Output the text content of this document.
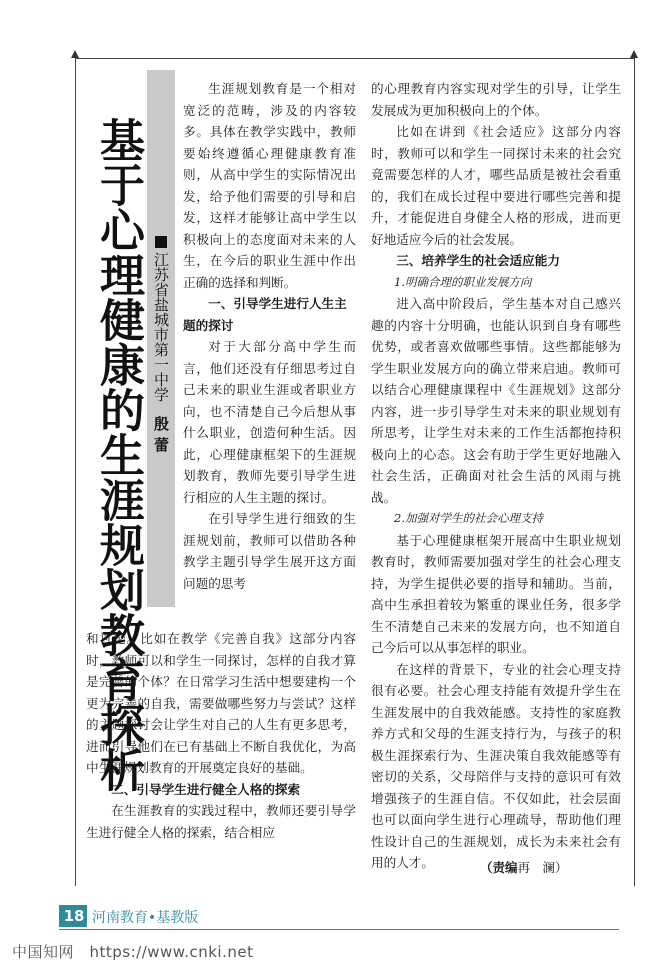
基于心理健康的生涯规划教育探析 江苏省盐城市第一中学殷蕾

生涯规划教育是一个相对宽泛的范畴，涉及的内容较多。具体在教学实践中，教师要始终遵循心理健康教育准则，从高中学生的实际情况出发，给予他们需要的引导和启发，这样才能够让高中学生以积极向上的态度面对未来的人生，在今后的职业生涯中作出正确的选择和判断。

一、引导学生进行人生主题的探讨

对于大部分高中学生而言，他们还没有仔细思考过自己未来的职业生涯或者职业方向，也不清楚自己今后想从事什么职业，创造何种生活。因此，心理健康框架下的生涯规划教育，教师先要引导学生进行相应的人生主题的探讨。

在引导学生进行细致的生涯规划前，教师可以借助各种教学主题引导学生展开这方面问题的思考

和讨论。比如在教学《完善自我》这部分内容时，教师可以和学生一同探讨，怎样的自我才算是完善的个体？在日常学习生活中想要建构一个更为完善的自我，需要做哪些努力与尝试？这样的主题探讨会让学生对自己的人生有更多思考，进而引导他们在已有基础上不断自我优化，为高中生涯规划教育的开展奠定良好的基础。

二、引导学生进行健全人格的探索

在生涯教育的实践过程中，教师还要引导学生进行健全人格的探索，结合相应

的心理教育内容实现对学生的引导，让学生发展成为更加积极向上的个体。

比如在讲到《社会适应》这部分内容时，教师可以和学生一同探讨未来的社会究竟需要怎样的人才，哪些品质是被社会看重的，我们在成长过程中要进行哪些完善和提升，才能促进自身健全人格的形成，进而更好地适应今后的社会发展。

三、培养学生的社会适应能力
1.明确合理的职业发展方向

进入高中阶段后，学生基本对自己感兴趣的内容十分明确，也能认识到自身有哪些优势，或者喜欢做哪些事情。这些都能够为学生职业发展方向的确立带来启迪。教师可以结合心理健康课程中《生涯规划》这部分内容，进一步引导学生对未来的职业规划有所思考，让学生对未来的工作生活都抱持积极向上的心态。这会有助于学生更好地融入社会生活，正确面对社会生活的风雨与挑战。

2.加强对学生的社会心理支持

基于心理健康框架开展高中生职业规划教育时，教师需要加强对学生的社会心理支持，为学生提供必要的指导和辅助。当前，高中生承担着较为繁重的课业任务，很多学生不清楚自己未来的发展方向，也不知道自己今后可以从事怎样的职业。

在这样的背景下，专业的社会心理支持很有必要。社会心理支持能有效提升学生在生涯发展中的自我效能感。支持性的家庭教养方式和父母的生涯支持行为，与孩子的积极生涯探索行为、生涯决策自我效能感等有密切的关系，父母陪伴与支持的意识可有效增强孩子的生涯自信。不仅如此，社会层面也可以面向学生进行心理疏导，帮助他们理性设计自己的生涯规划，成长为未来社会有用的人才。	（责编再　澜）
18 河南教育•基教版
中国知网　https://www.cnki.net
